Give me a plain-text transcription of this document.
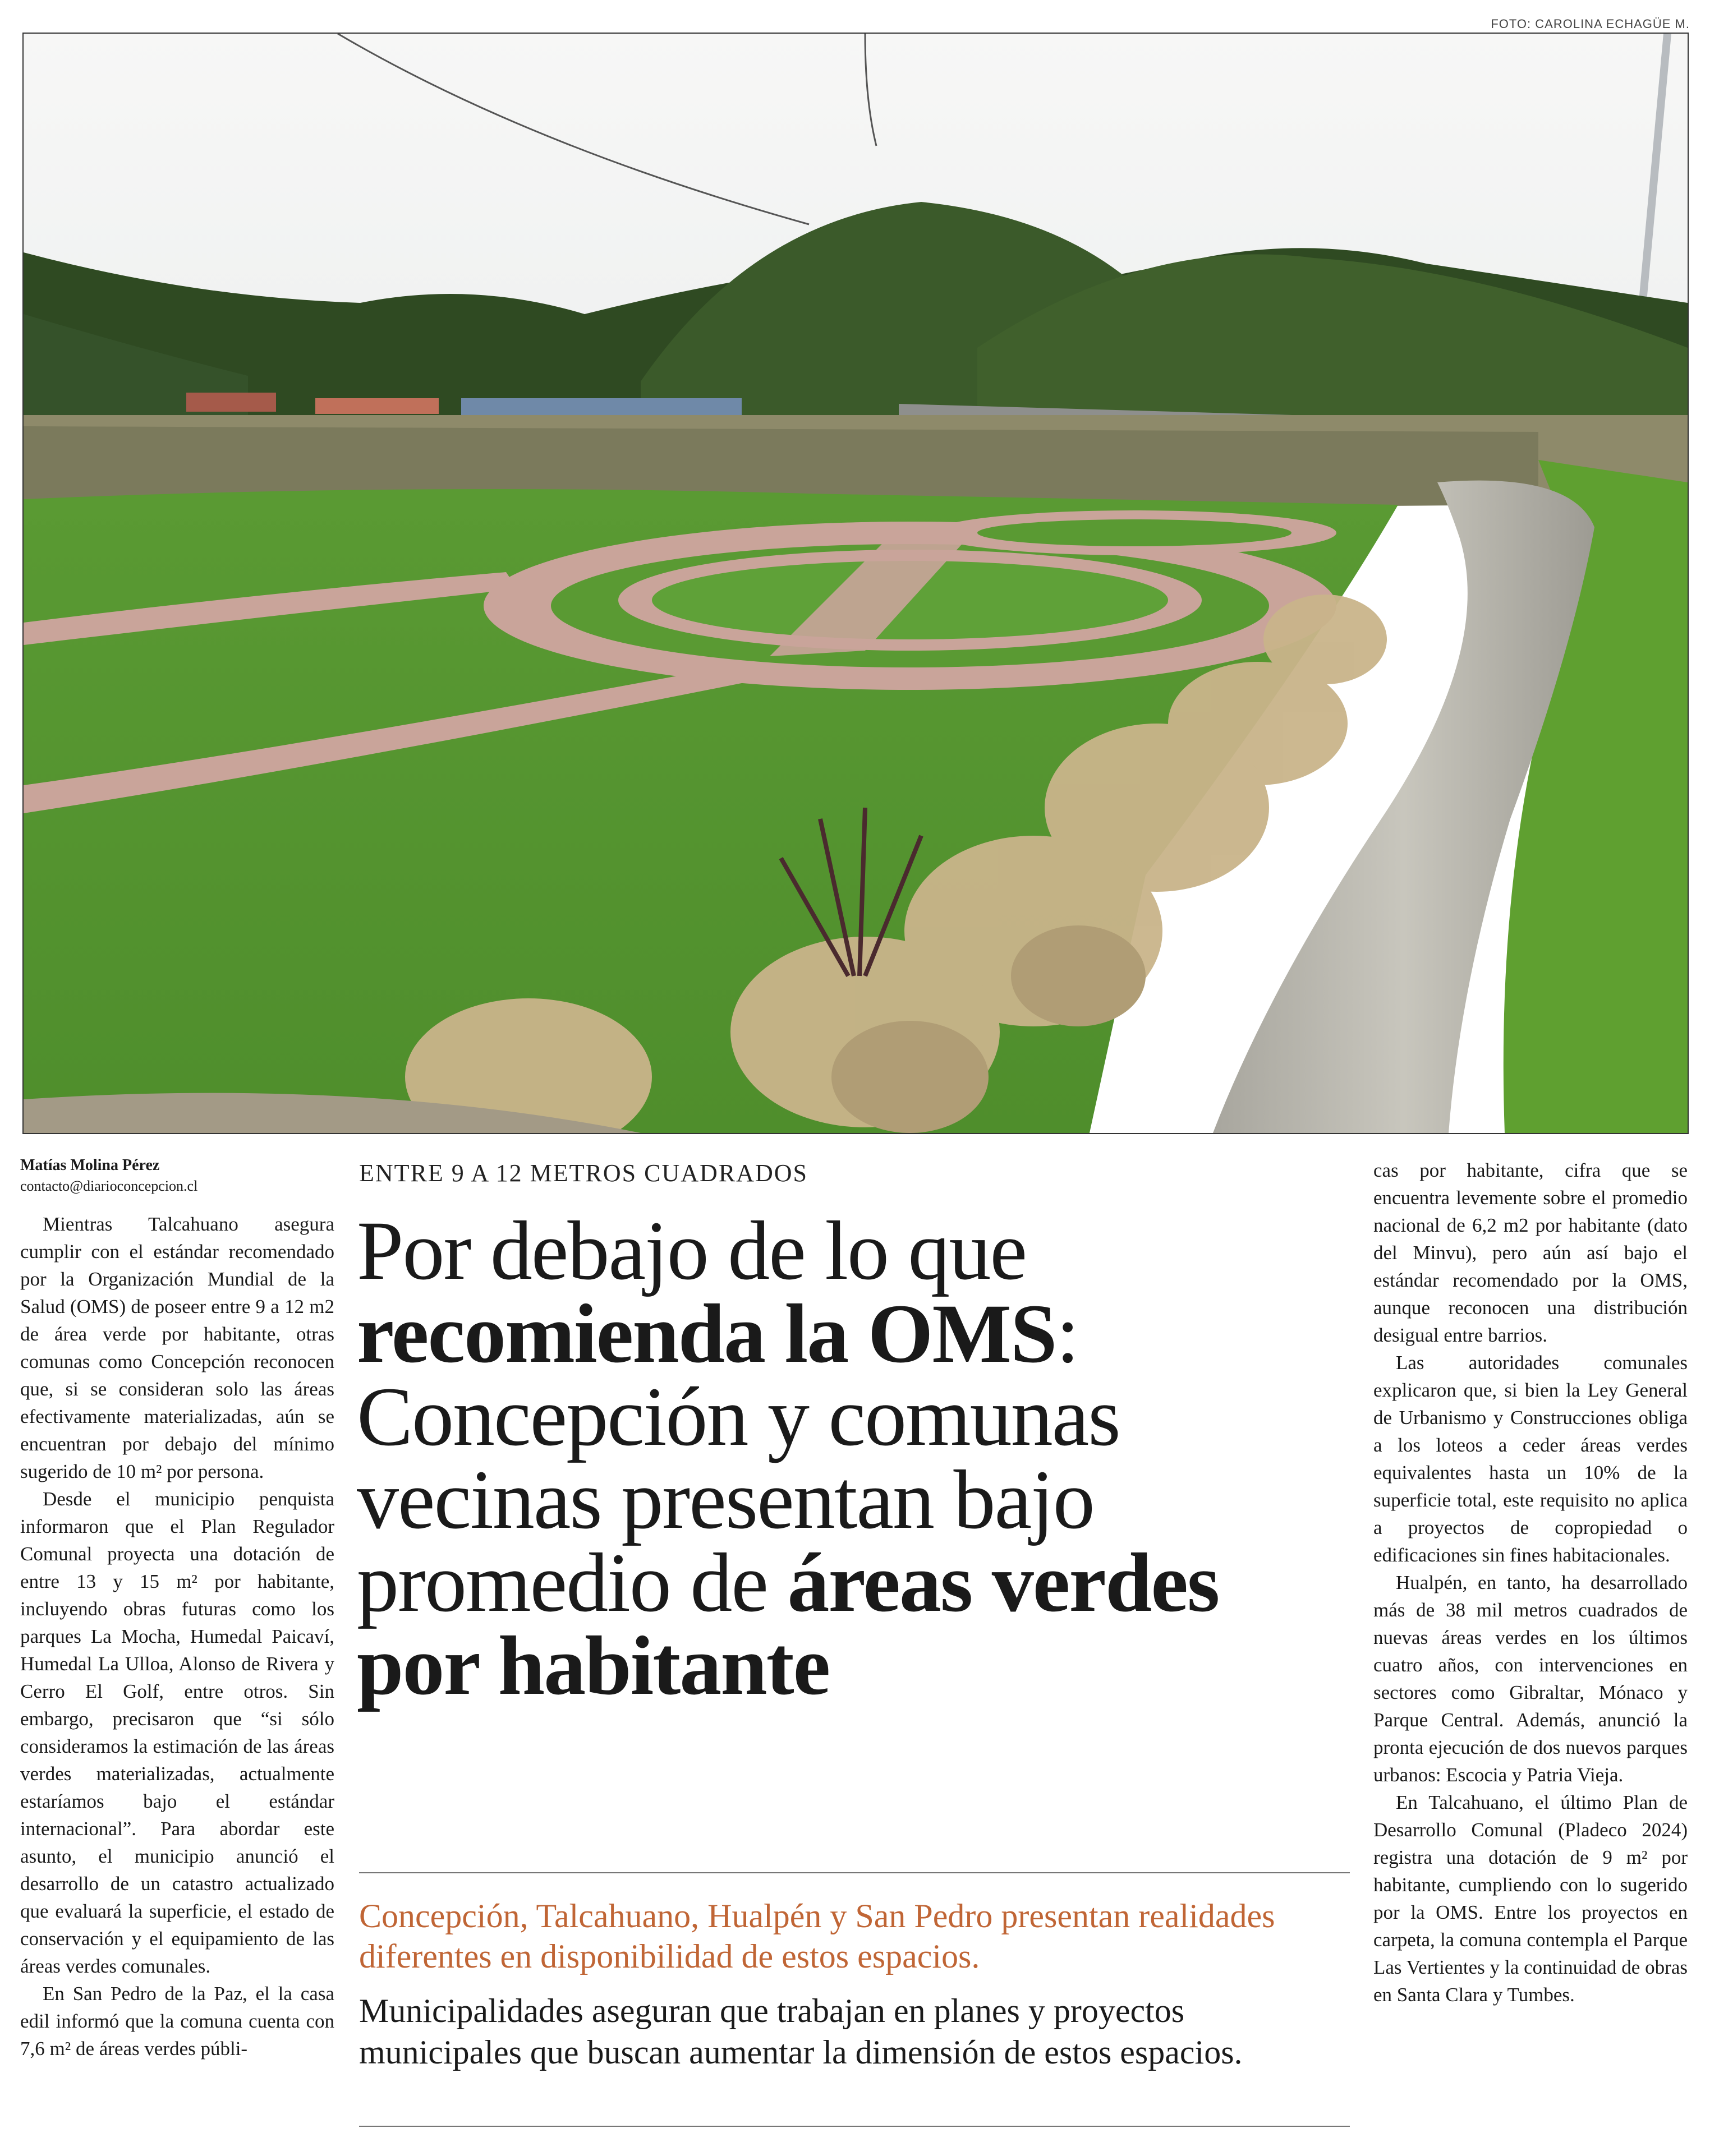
FOTO: CAROLINA ECHAGÜE M.
Matías Molina Pérez
contacto@diarioconcepcion.cl

Mientras Talcahuano asegura cumplir con el estándar recomendado por la Organización Mundial de la Salud (OMS) de poseer entre 9 a 12 m2 de área verde por habitante, otras comunas como Concepción reconocen que, si se consideran solo las áreas efectivamente materializadas, aún se encuentran por debajo del mínimo sugerido de 10 m² por persona.

Desde el municipio penquista informaron que el Plan Regulador Comunal proyecta una dotación de entre 13 y 15 m² por habitante, incluyendo obras futuras como los parques La Mocha, Humedal Paicaví, Humedal La Ulloa, Alonso de Rivera y Cerro El Golf, entre otros. Sin embargo, precisaron que “si sólo consideramos la estimación de las áreas verdes materializadas, actualmente estaríamos bajo el estándar internacional”. Para abordar este asunto, el municipio anunció el desarrollo de un catastro actualizado que evaluará la superficie, el estado de conservación y el equipamiento de las áreas verdes comunales.

En San Pedro de la Paz, el la casa edil informó que la comuna cuenta con 7,6 m² de áreas verdes públi-

ENTRE 9 A 12 METROS CUADRADOS
Por debajo de lo que
recomienda la OMS: Concepción y comunas vecinas presentan bajo promedio de áreas verdes por habitante
Concepción, Talcahuano, Hualpén y San Pedro presentan realidades diferentes en disponibilidad de estos espacios.
Municipalidades aseguran que trabajan en planes y proyectos municipales que buscan aumentar la dimensión de estos espacios.

cas por habitante, cifra que se encuentra levemente sobre el promedio nacional de 6,2 m2 por habitante (dato del Minvu), pero aún así bajo el estándar recomendado por la OMS, aunque reconocen una distribución desigual entre barrios.

Las autoridades comunales explicaron que, si bien la Ley General de Urbanismo y Construcciones obliga a los loteos a ceder áreas verdes equivalentes hasta un 10% de la superficie total, este requisito no aplica a proyectos de copropiedad o edificaciones sin fines habitacionales.

Hualpén, en tanto, ha desarrollado más de 38 mil metros cuadrados de nuevas áreas verdes en los últimos cuatro años, con intervenciones en sectores como Gibraltar, Mónaco y Parque Central. Además, anunció la pronta ejecución de dos nuevos parques urbanos: Escocia y Patria Vieja.

En Talcahuano, el último Plan de Desarrollo Comunal (Pladeco 2024) registra una dotación de 9 m² por habitante, cumpliendo con lo sugerido por la OMS. Entre los proyectos en carpeta, la comuna contempla el Parque Las Vertientes y la continuidad de obras en Santa Clara y Tumbes.
